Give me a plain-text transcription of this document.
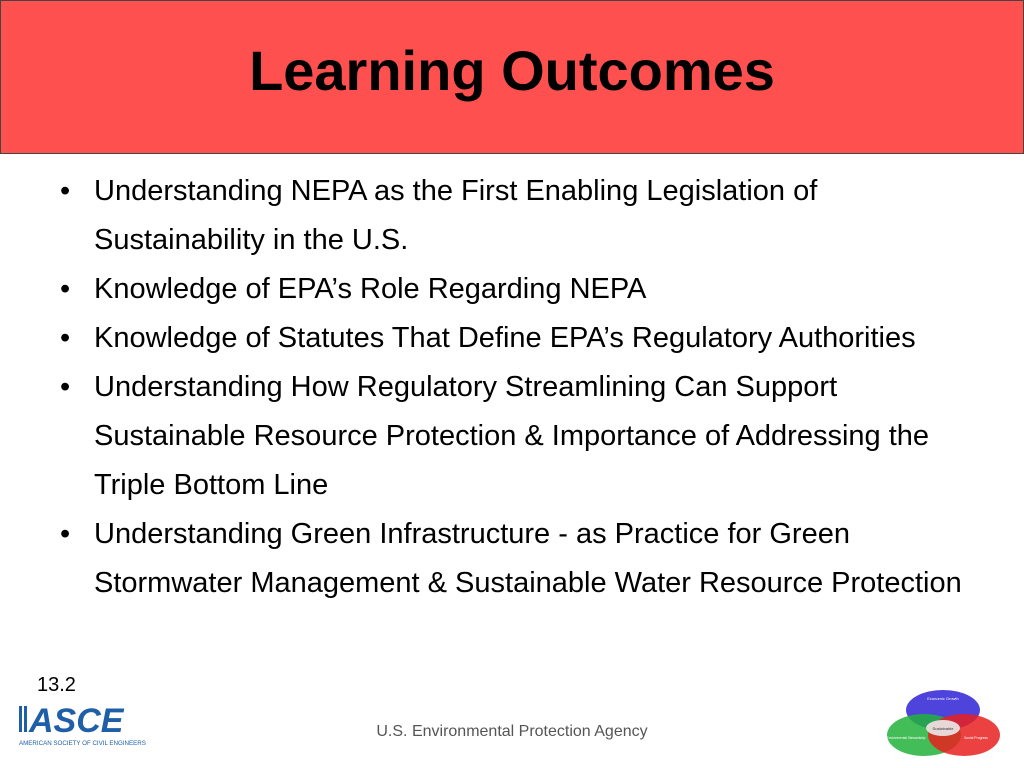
Learning Outcomes
• Understanding NEPA as the First Enabling Legislation of Sustainability in the U.S.
• Knowledge of EPA’s Role Regarding NEPA
• Knowledge of Statutes That Define EPA’s Regulatory Authorities
• Understanding How Regulatory Streamlining Can Support Sustainable Resource Protection & Importance of Addressing the Triple Bottom Line
• Understanding Green Infrastructure - as Practice for Green Stormwater Management & Sustainable Water Resource Protection
13.2
ASCE
AMERICAN SOCIETY OF CIVIL ENGINEERS
U.S. Environmental Protection Agency
Economic Growth
Sustainable
Environmental Stewardship	Social Progress
